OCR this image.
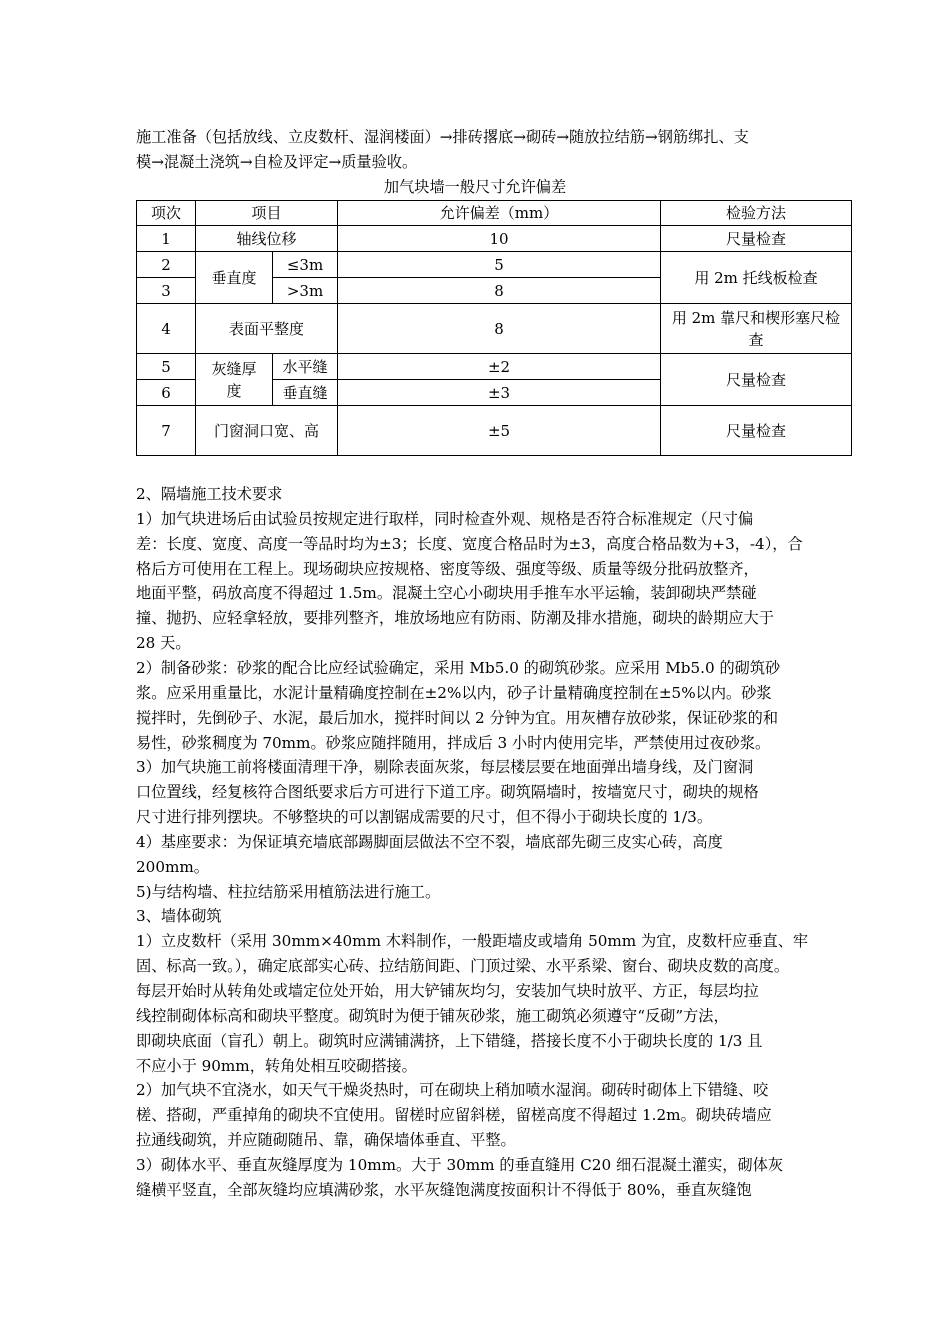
施工准备（包括放线、立皮数杆、湿润楼面）→排砖撂底→砌砖→随放拉结筋→钢筋绑扎、支
模→混凝土浇筑→自检及评定→质量验收。
加气块墙一般尺寸允许偏差
项次	项目		允许偏差（mm）	检验方法
1	轴线位移		10	尺量检查
2	垂直度	≤3m	5	用 2m 托线板检查
3		>3m	8	
4	表面平整度		8	用 2m 靠尺和楔形塞尺检查
5	灰缝厚度	水平缝	±2	尺量检查
6		垂直缝	±3	
7	门窗洞口宽、高		±5	尺量检查
2、隔墙施工技术要求
1）加气块进场后由试验员按规定进行取样，同时检查外观、规格是否符合标准规定（尺寸偏
差：长度、宽度、高度一等品时均为±3；长度、宽度合格品时为±3，高度合格品数为+3，-4），合
格后方可使用在工程上。现场砌块应按规格、密度等级、强度等级、质量等级分批码放整齐，
地面平整，码放高度不得超过 1.5m。混凝土空心小砌块用手推车水平运输，装卸砌块严禁碰
撞、抛扔、应轻拿轻放，要排列整齐，堆放场地应有防雨、防潮及排水措施，砌块的龄期应大于
28 天。
2）制备砂浆：砂浆的配合比应经试验确定，采用 Mb5.0 的砌筑砂浆。应采用 Mb5.0 的砌筑砂
浆。应采用重量比，水泥计量精确度控制在±2%以内，砂子计量精确度控制在±5%以内。砂浆
搅拌时，先倒砂子、水泥，最后加水，搅拌时间以 2 分钟为宜。用灰槽存放砂浆，保证砂浆的和
易性，砂浆稠度为 70mm。砂浆应随拌随用，拌成后 3 小时内使用完毕，严禁使用过夜砂浆。
3）加气块施工前将楼面清理干净，剔除表面灰浆，每层楼层要在地面弹出墙身线，及门窗洞
口位置线，经复核符合图纸要求后方可进行下道工序。砌筑隔墙时，按墙宽尺寸，砌块的规格
尺寸进行排列摆块。不够整块的可以割锯成需要的尺寸，但不得小于砌块长度的 1/3。
4）基座要求：为保证填充墙底部踢脚面层做法不空不裂，墙底部先砌三皮实心砖，高度
200mm。
5)与结构墙、柱拉结筋采用植筋法进行施工。
3、墙体砌筑
1）立皮数杆（采用 30mm×40mm 木料制作，一般距墙皮或墙角 50mm 为宜，皮数杆应垂直、牢
固、标高一致。），确定底部实心砖、拉结筋间距、门顶过梁、水平系梁、窗台、砌块皮数的高度。
每层开始时从转角处或墙定位处开始，用大铲铺灰均匀，安装加气块时放平、方正，每层均拉
线控制砌体标高和砌块平整度。砌筑时为便于铺灰砂浆，施工砌筑必须遵守“反砌”方法，
即砌块底面（盲孔）朝上。砌筑时应满铺满挤，上下错缝，搭接长度不小于砌块长度的 1/3 且
不应小于 90mm，转角处相互咬砌搭接。
2）加气块不宜浇水，如天气干燥炎热时，可在砌块上稍加喷水湿润。砌砖时砌体上下错缝、咬
槎、搭砌，严重掉角的砌块不宜使用。留槎时应留斜槎，留槎高度不得超过 1.2m。砌块砖墙应
拉通线砌筑，并应随砌随吊、靠，确保墙体垂直、平整。
3）砌体水平、垂直灰缝厚度为 10mm。大于 30mm 的垂直缝用 C20 细石混凝土灌实，砌体灰
缝横平竖直，全部灰缝均应填满砂浆，水平灰缝饱满度按面积计不得低于 80%，垂直灰缝饱
